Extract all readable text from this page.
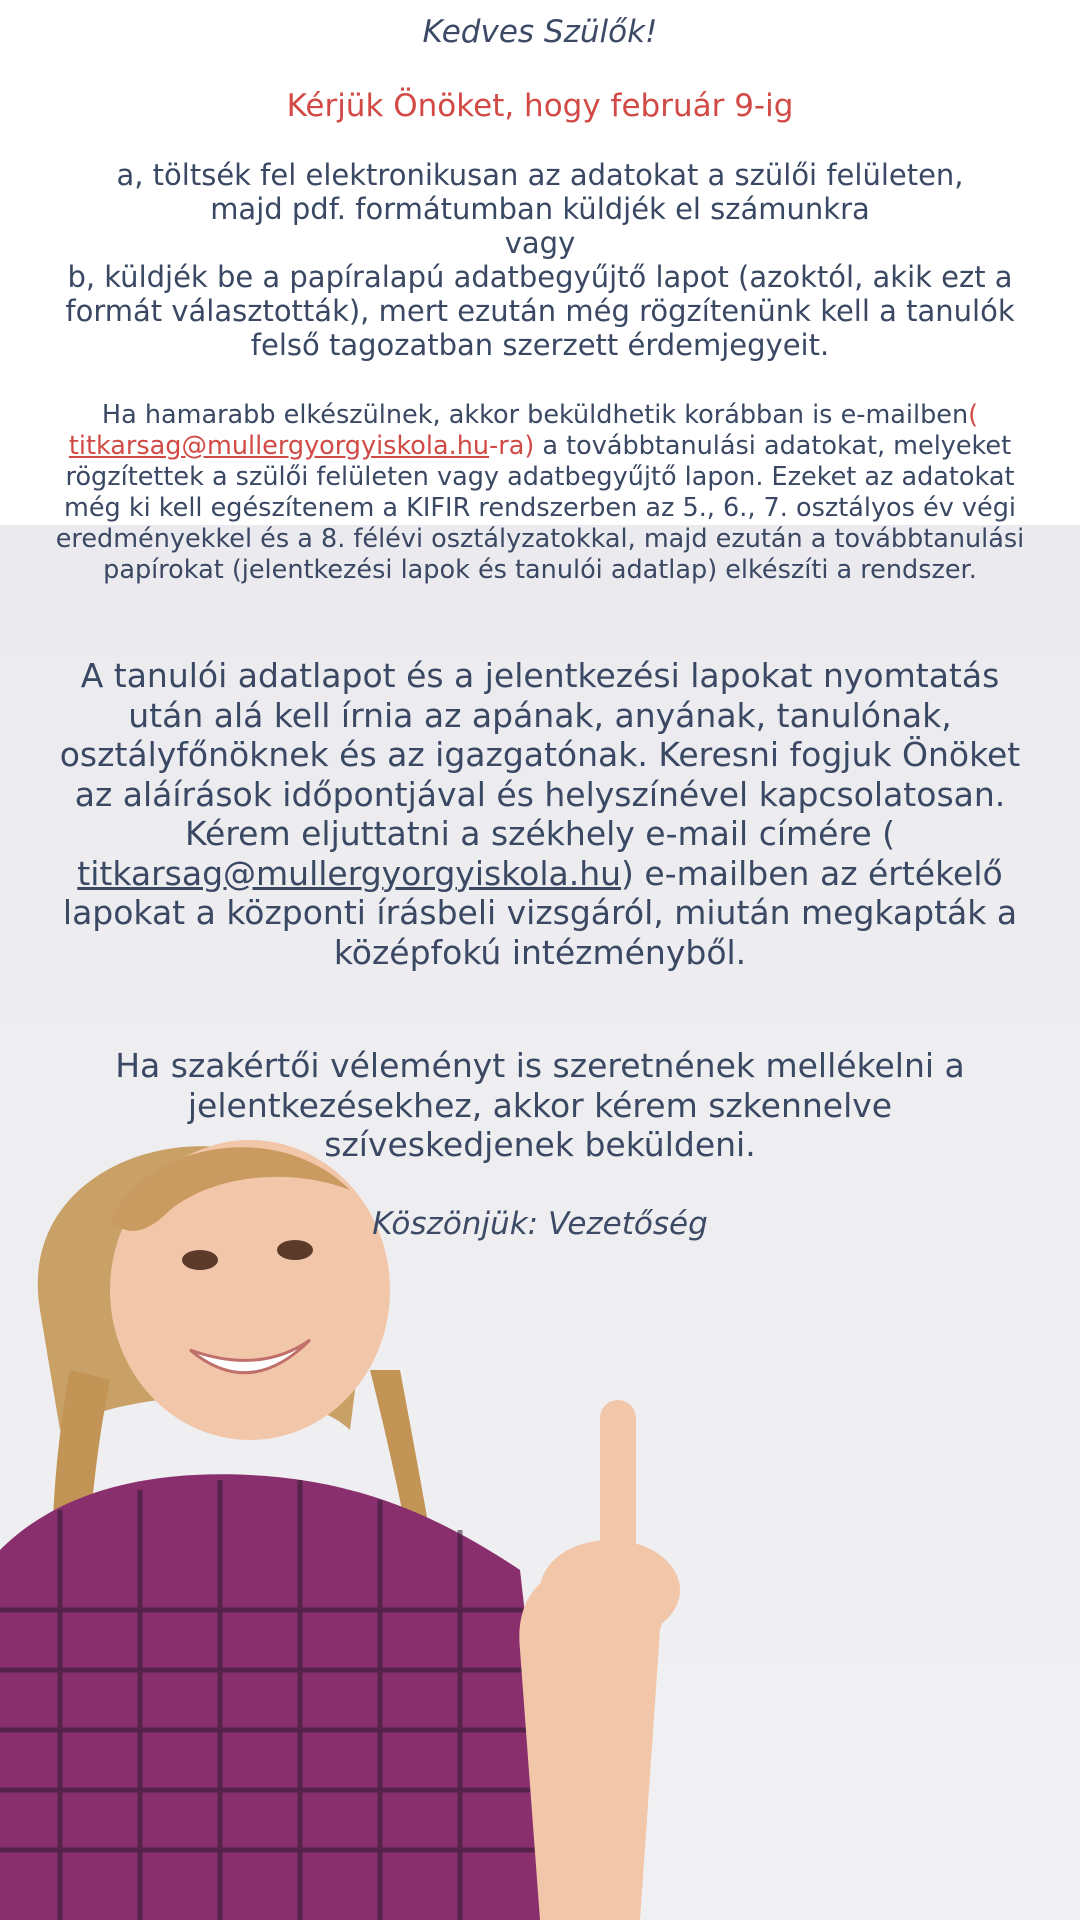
Kedves Szülők!

Kérjük Önöket, hogy február 9-ig

a, töltsék fel elektronikusan az adatokat a szülői felületen,
majd pdf. formátumban küldjék el számunkra
vagy
b, küldjék be a papíralapú adatbegyűjtő lapot (azoktól, akik ezt a formát választották), mert ezután még rögzítenünk kell a tanulók felső tagozatban szerzett érdemjegyeit.
Ha hamarabb elkészülnek, akkor beküldhetik korábban is e-mailben( titkarsag@mullergyorgyiskola.hu-ra) a továbbtanulási adatokat, melyeket rögzítettek a szülői felületen vagy adatbegyűjtő lapon. Ezeket az adatokat még ki kell egészítenem a KIFIR rendszerben az 5., 6., 7. osztályos év végi eredményekkel és a 8. félévi osztályzatokkal, majd ezután a továbbtanulási papírokat (jelentkezési lapok és tanulói adatlap) elkészíti a rendszer.
A tanulói adatlapot és a jelentkezési lapokat nyomtatás után alá kell írnia az apának, anyának, tanulónak, osztályfőnöknek és az igazgatónak. Keresni fogjuk Önöket az aláírások időpontjával és helyszínével kapcsolatosan. Kérem eljuttatni a székhely e-mail címére ( titkarsag@mullergyorgyiskola.hu) e-mailben az értékelő lapokat a központi írásbeli vizsgáról, miután megkapták a középfokú intézményből.

Ha szakértői véleményt is szeretnének mellékelni a jelentkezésekhez, akkor kérem szkennelve szíveskedjenek beküldeni.

Köszönjük: Vezetőség
